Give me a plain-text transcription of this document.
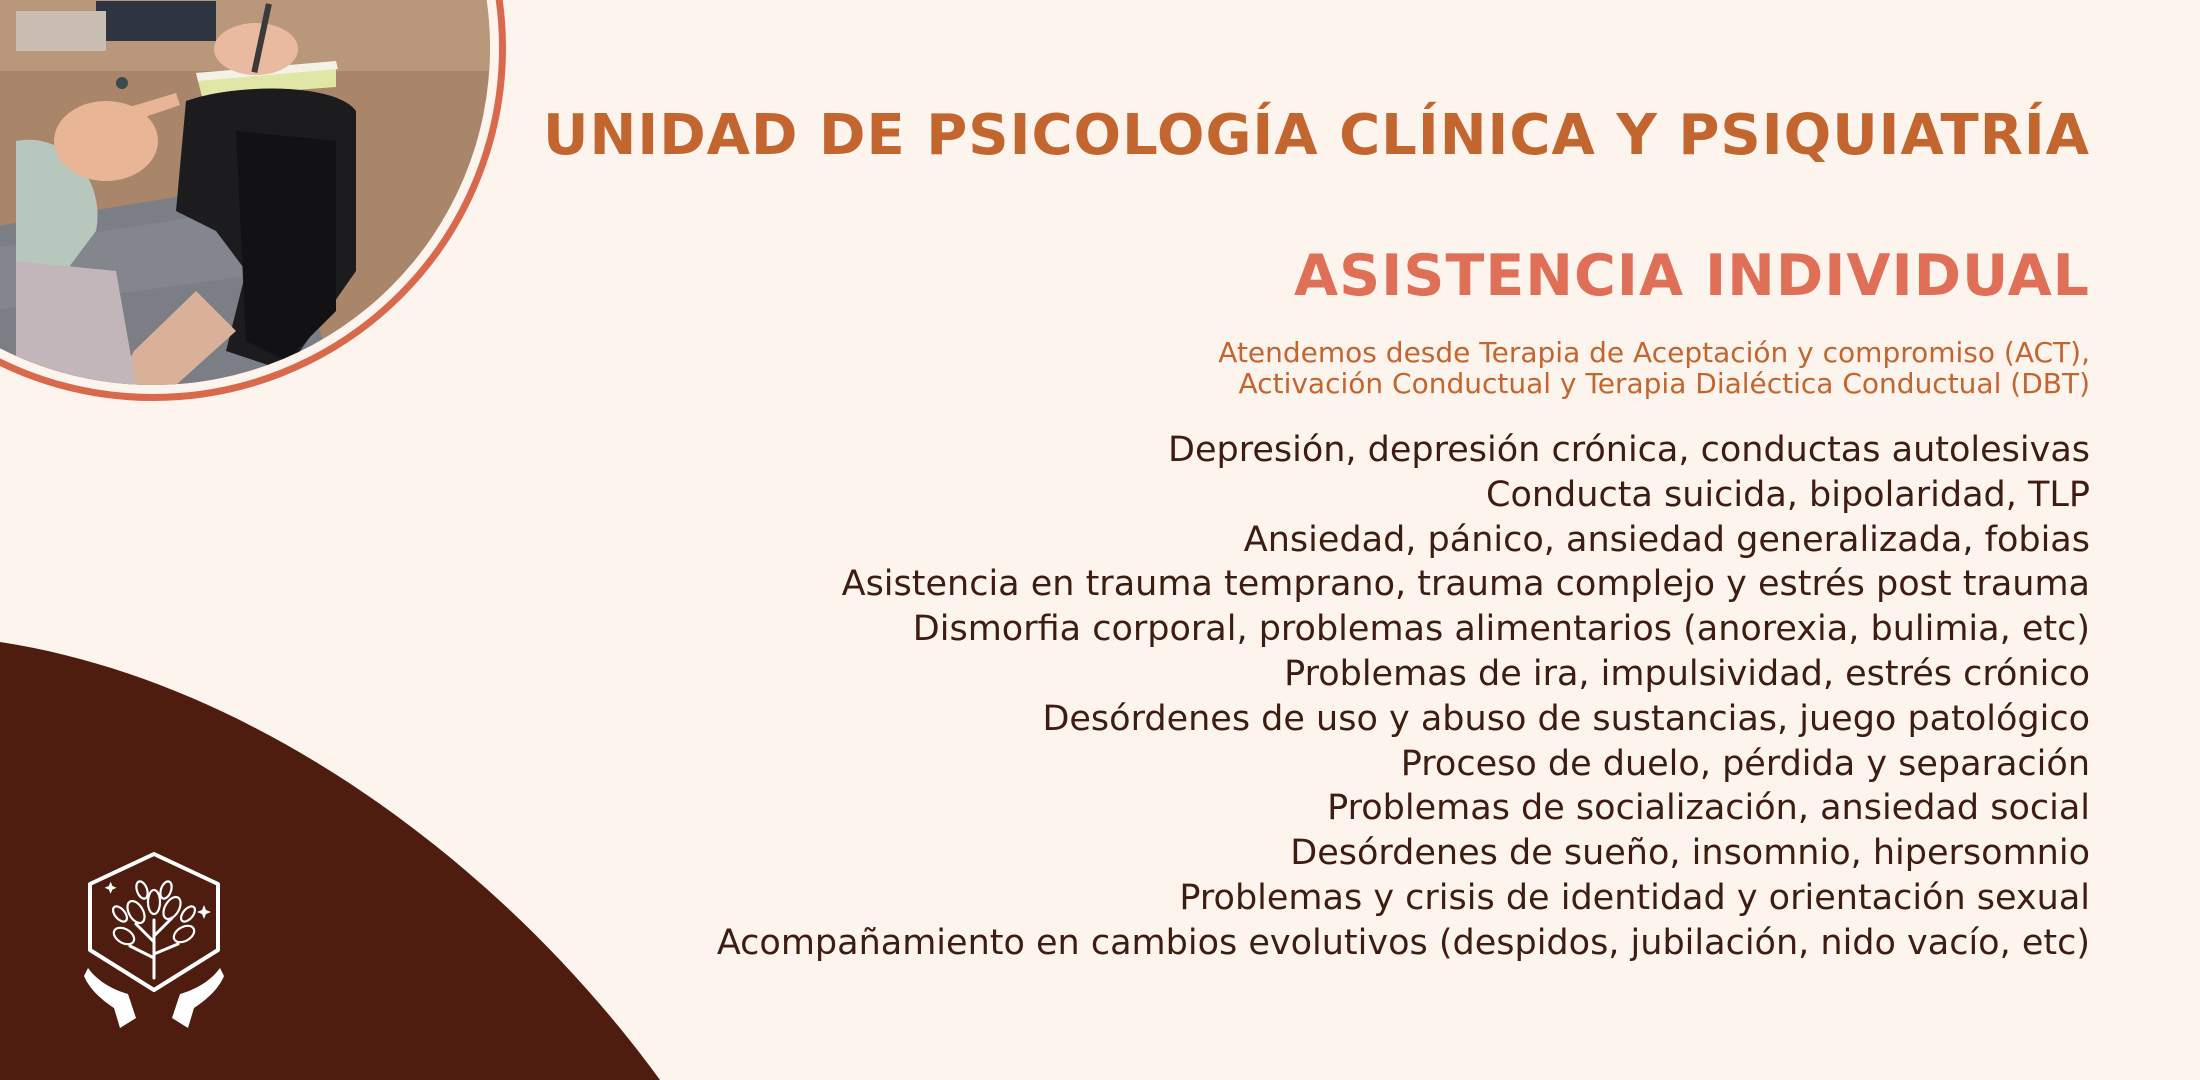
UNIDAD DE PSICOLOGÍA CLÍNICA Y PSIQUIATRÍA
ASISTENCIA INDIVIDUAL
Atendemos desde Terapia de Aceptación y compromiso (ACT),
Activación Conductual y Terapia Dialéctica Conductual (DBT)
Depresión, depresión crónica, conductas autolesivas
Conducta suicida, bipolaridad, TLP
Ansiedad, pánico, ansiedad generalizada, fobias
Asistencia en trauma temprano, trauma complejo y estrés post trauma
Dismorfia corporal, problemas alimentarios (anorexia, bulimia, etc)
Problemas de ira, impulsividad, estrés crónico
Desórdenes de uso y abuso de sustancias, juego patológico
Proceso de duelo, pérdida y separación
Problemas de socialización, ansiedad social
Desórdenes de sueño, insomnio, hipersomnio
Problemas y crisis de identidad y orientación sexual
Acompañamiento en cambios evolutivos (despidos, jubilación, nido vacío, etc)
